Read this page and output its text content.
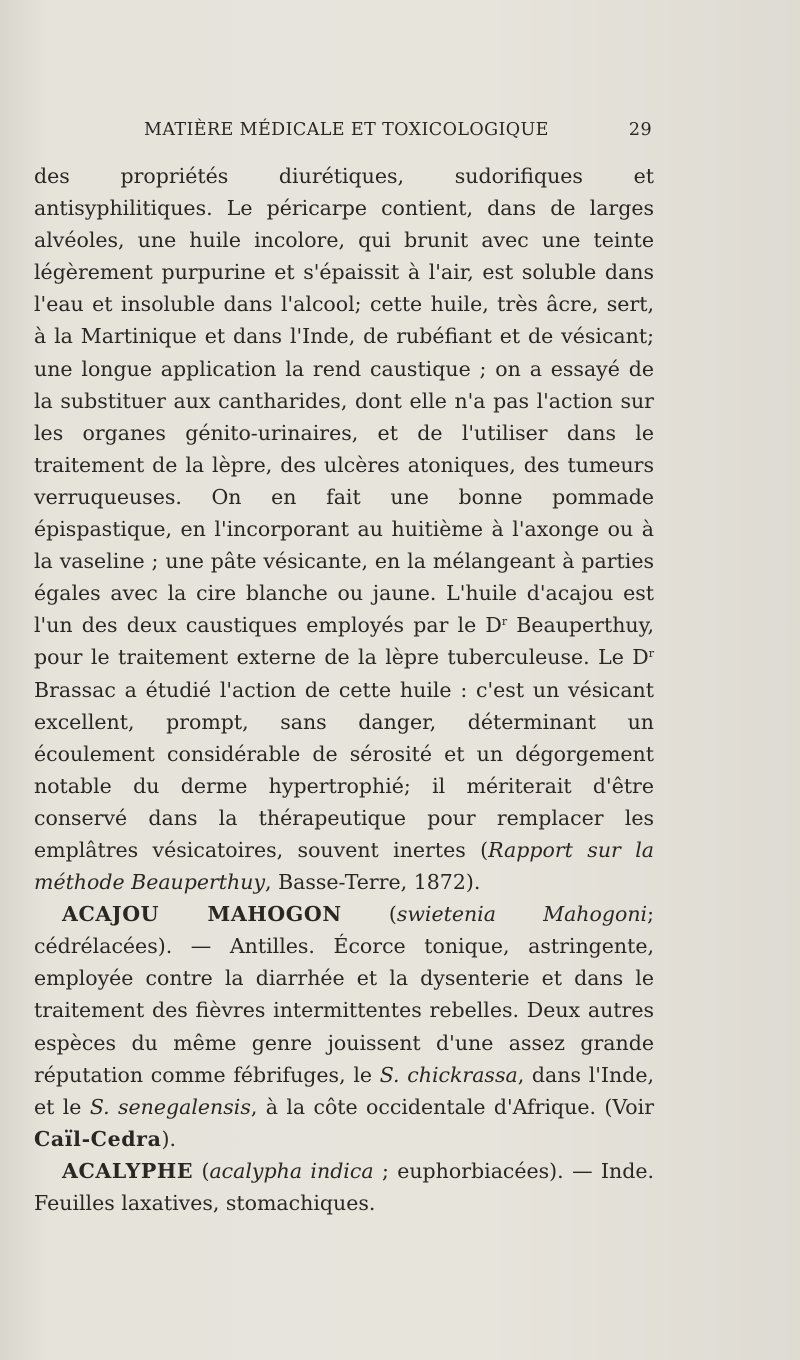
MATIÈRE MÉDICALE ET TOXICOLOGIQUE	29

des propriétés diurétiques, sudorifiques et antisyphilitiques. Le péricarpe contient, dans de larges alvéoles, une huile incolore, qui brunit avec une teinte légèrement purpurine et s'épaissit à l'air, est soluble dans l'eau et insoluble dans l'alcool; cette huile, très âcre, sert, à la Martinique et dans l'Inde, de rubéfiant et de vésicant; une longue application la rend caustique ; on a essayé de la substituer aux cantharides, dont elle n'a pas l'action sur les organes génito-urinaires, et de l'utiliser dans le traitement de la lèpre, des ulcères atoniques, des tumeurs verruqueuses. On en fait une bonne pommade épispastique, en l'incorporant au huitième à l'axonge ou à la vaseline ; une pâte vésicante, en la mélangeant à parties égales avec la cire blanche ou jaune. L'huile d'acajou est l'un des deux caustiques employés par le $D^r$ Beauperthuy, pour le traitement externe de la lèpre tuberculeuse. Le $D^r$ Brassac a étudié l'action de cette huile : c'est un vésicant excellent, prompt, sans danger, déterminant un écoulement considérable de sérosité et un dégorgement notable du derme hypertrophié; il mériterait d'être conservé dans la thérapeutique pour remplacer les emplâtres vésicatoires, souvent inertes (Rapport sur la méthode Beauperthuy, Basse-Terre, 1872).

ACAJOU MAHOGON (swietenia Mahogoni; cédrélacées). — Antilles. Écorce tonique, astringente, employée contre la diarrhée et la dysenterie et dans le traitement des fièvres intermittentes rebelles. Deux autres espèces du même genre jouissent d'une assez grande réputation comme fébrifuges, le S. chickrassa, dans l'Inde, et le S. senegalensis, à la côte occidentale d'Afrique. (Voir Caïl-Cedra).

ACALYPHE (acalypha indica ; euphorbiacées). — Inde. Feuilles laxatives, stomachiques.
